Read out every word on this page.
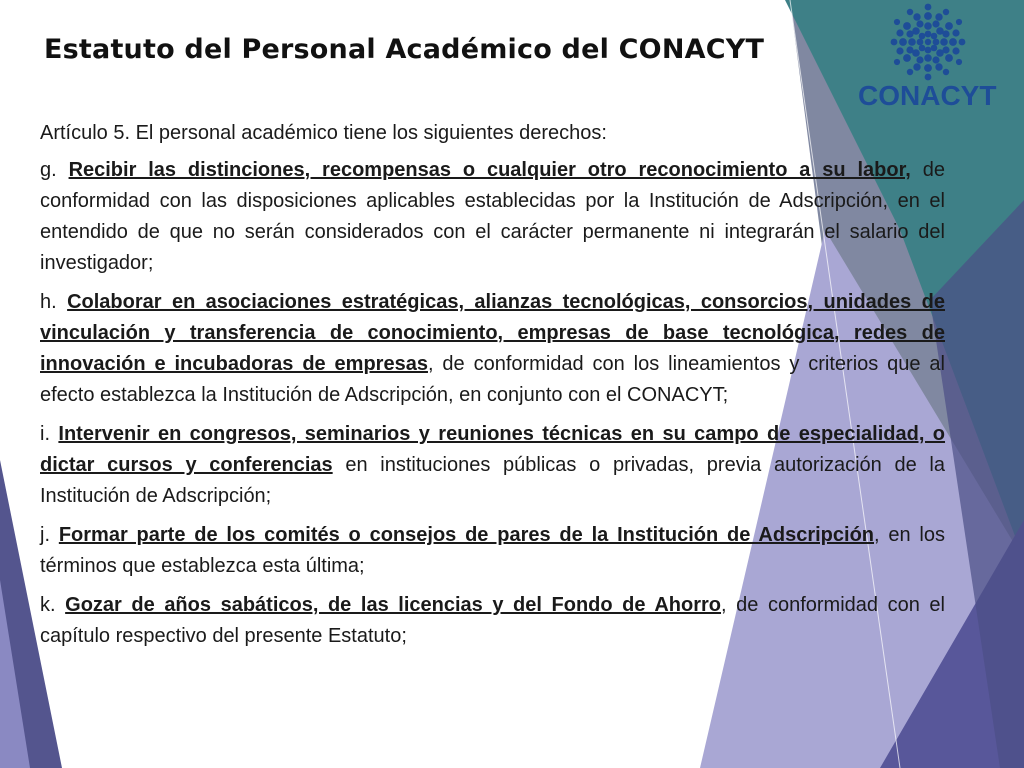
Estatuto del Personal Académico del CONACYT
CONACYT

Artículo 5. El personal académico tiene los siguientes derechos:

g. Recibir las distinciones, recompensas o cualquier otro reconocimiento a su labor, de conformidad con las disposiciones aplicables establecidas por la Institución de Adscripción, en el entendido de que no serán considerados con el carácter permanente ni integrarán el salario del investigador;

h. Colaborar en asociaciones estratégicas, alianzas tecnológicas, consorcios, unidades de vinculación y transferencia de conocimiento, empresas de base tecnológica, redes de innovación e incubadoras de empresas, de conformidad con los lineamientos y criterios que al efecto establezca la Institución de Adscripción, en conjunto con el CONACYT;

i. Intervenir en congresos, seminarios y reuniones técnicas en su campo de especialidad, o dictar cursos y conferencias en instituciones públicas o privadas, previa autorización de la Institución de Adscripción;

j. Formar parte de los comités o consejos de pares de la Institución de Adscripción, en los términos que establezca esta última;

k. Gozar de años sabáticos, de las licencias y del Fondo de Ahorro, de conformidad con el capítulo respectivo del presente Estatuto;
